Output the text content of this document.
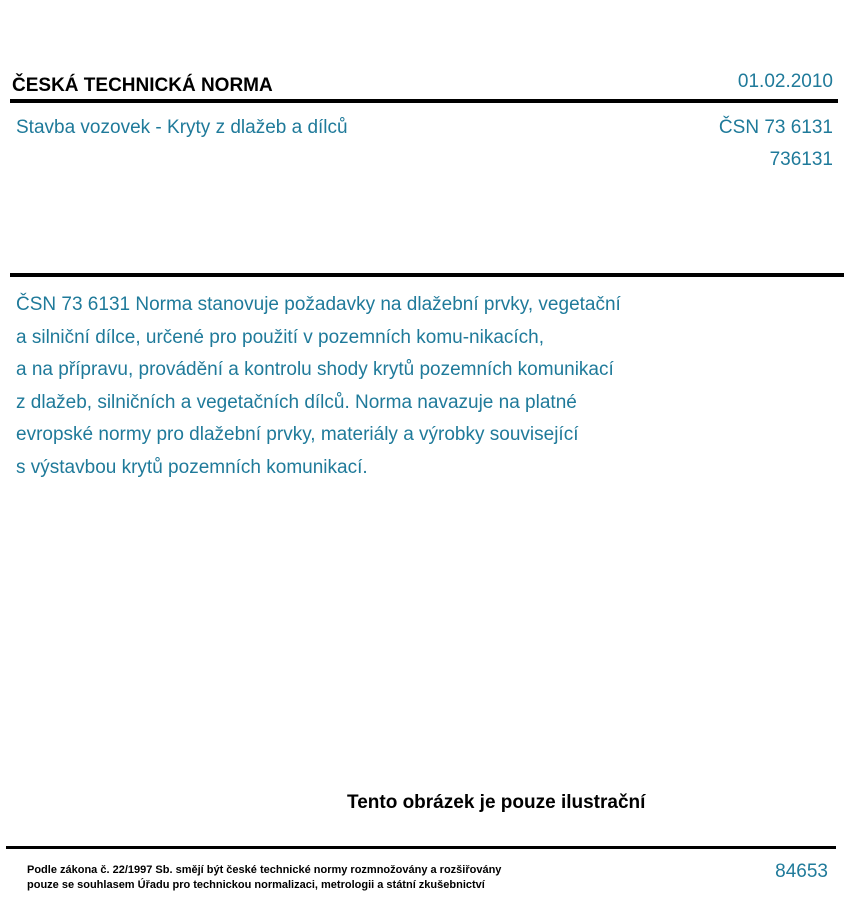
ČESKÁ TECHNICKÁ NORMA	01.02.2010
Stavba vozovek - Kryty z dlažeb a dílců	ČSN 73 6131
736131
ČSN 73 6131 Norma stanovuje požadavky na dlažební prvky, vegetační
a silniční dílce, určené pro použití v pozemních komu-nikacích,
a na přípravu, provádění a kontrolu shody krytů pozemních komunikací
z dlažeb, silničních a vegetačních dílců. Norma navazuje na platné
evropské normy pro dlažební prvky, materiály a výrobky související
s výstavbou krytů pozemních komunikací.
Tento obrázek je pouze ilustrační
Podle zákona č. 22/1997 Sb. smějí být české technické normy rozmnožovány a rozšiřovány
pouze se souhlasem Úřadu pro technickou normalizaci, metrologii a státní zkušebnictví
84653
